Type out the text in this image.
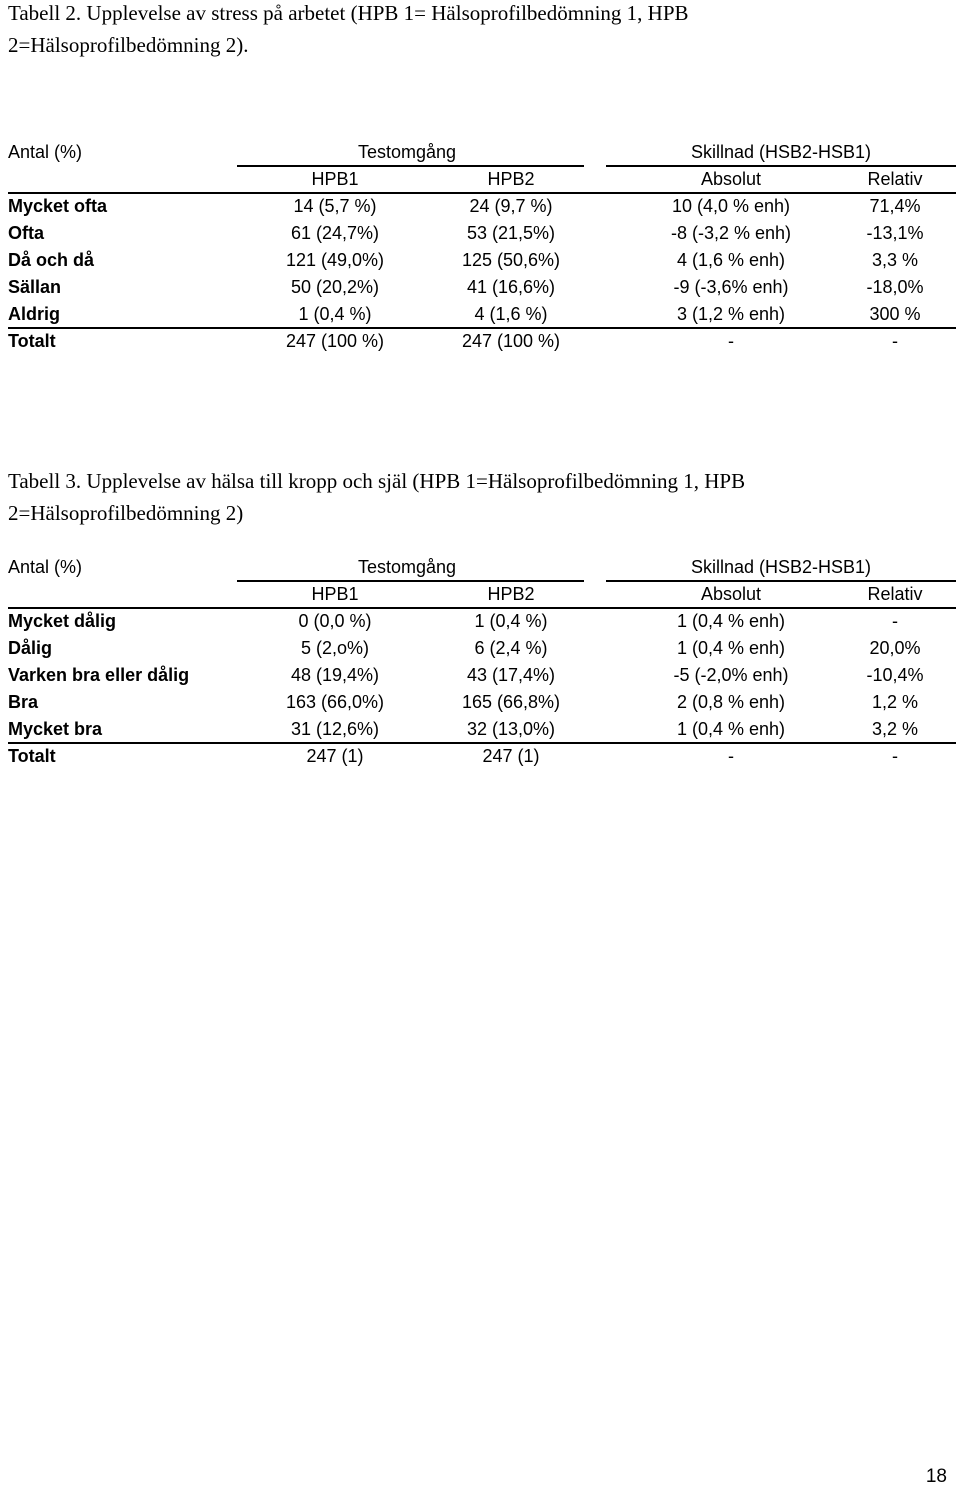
Tabell 2. Upplevelse av stress på arbetet (HPB 1= Hälsoprofilbedömning 1, HPB
2=Hälsoprofilbedömning 2).
Antal (%)	Testomgång	Skillnad (HSB2-HSB1)
HPB1	HPB2	Absolut	Relativ
Mycket ofta	14 (5,7 %)	24 (9,7 %)	10 (4,0 % enh)	71,4%
Ofta	61 (24,7%)	53 (21,5%)	-8 (-3,2 % enh)	-13,1%
Då och då	121 (49,0%)	125 (50,6%)	4 (1,6 % enh)	3,3 %
Sällan	50 (20,2%)	41 (16,6%)	-9 (-3,6% enh)	-18,0%
Aldrig	1 (0,4 %)	4 (1,6 %)	3 (1,2 % enh)	300 %
Totalt	247 (100 %)	247 (100 %)	-	-
Tabell 3. Upplevelse av hälsa till kropp och själ (HPB 1=Hälsoprofilbedömning 1, HPB
2=Hälsoprofilbedömning 2)
Antal (%)	Testomgång	Skillnad (HSB2-HSB1)
HPB1	HPB2	Absolut	Relativ
Mycket dålig	0 (0,0 %)	1 (0,4 %)	1 (0,4 % enh)	-
Dålig	5 (2,o%)	6 (2,4 %)	1 (0,4 % enh)	20,0%
Varken bra eller dålig	48 (19,4%)	43 (17,4%)	-5 (-2,0% enh)	-10,4%
Bra	163 (66,0%)	165 (66,8%)	2 (0,8 % enh)	1,2 %
Mycket bra	31 (12,6%)	32 (13,0%)	1 (0,4 % enh)	3,2 %
Totalt	247 (1)	247 (1)	-	-
18
